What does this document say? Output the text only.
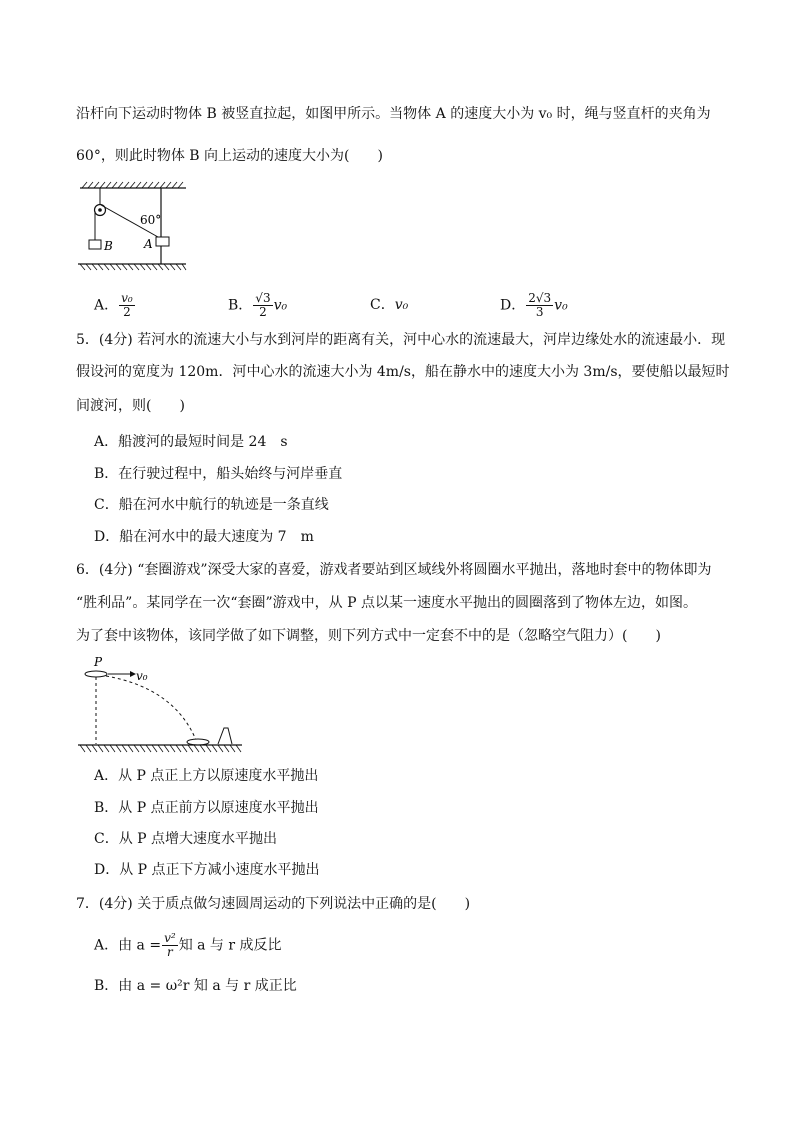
沿杆向下运动时物体 B 被竖直拉起，如图甲所示。当物体 A 的速度大小为 v₀ 时，绳与竖直杆的夹角为
60°，则此时物体 B 向上运动的速度大小为(　　)
B	A
60°
A． $\frac{\text{v₀}}{2}$	B． $\frac{√3}{2} v_0$	C．v₀	D． $\frac{2√3}{3} v_0$
5．(4分) 若河水的流速大小与水到河岸的距离有关，河中心水的流速最大，河岸边缘处水的流速最小．现
假设河的宽度为 120m．河中心水的流速大小为 4m/s，船在静水中的速度大小为 3m/s，要使船以最短时
间渡河，则(　　)
A．船渡河的最短时间是 24　s
B．在行驶过程中，船头始终与河岸垂直
C．船在河水中航行的轨迹是一条直线
D．船在河水中的最大速度为 7　m
6．(4分) “套圈游戏”深受大家的喜爱，游戏者要站到区域线外将圆圈水平抛出，落地时套中的物体即为
“胜利品”。某同学在一次“套圈”游戏中，从 P 点以某一速度水平抛出的圆圈落到了物体左边，如图。
为了套中该物体，该同学做了如下调整，则下列方式中一定套不中的是（忽略空气阻力）(　　)
P
v₀
A．从 P 点正上方以原速度水平抛出
B．从 P 点正前方以原速度水平抛出
C．从 P 点增大速度水平抛出
D．从 P 点正下方减小速度水平抛出
7．(4分) 关于质点做匀速圆周运动的下列说法中正确的是(　　)
A．由 $a = \frac{\text{v²}}{r}$ 知 a 与 r 成反比
B．由 a = ω²r 知 a 与 r 成正比
